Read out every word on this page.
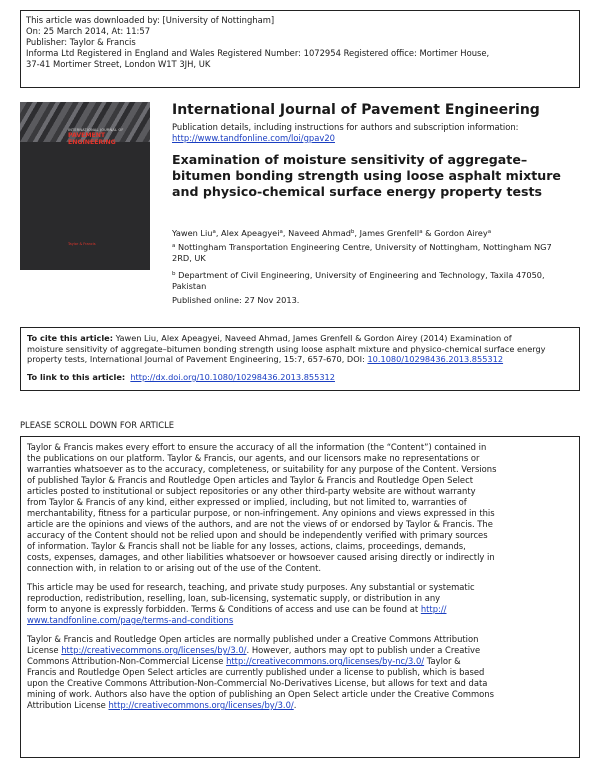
This article was downloaded by: [University of Nottingham]
On: 25 March 2014, At: 11:57
Publisher: Taylor & Francis
Informa Ltd Registered in England and Wales Registered Number: 1072954 Registered office: Mortimer House,
37-41 Mortimer Street, London W1T 3JH, UK
INTERNATIONAL JOURNAL OF
PAVEMENT
ENGINEERING
Taylor & Francis
International Journal of Pavement Engineering
Publication details, including instructions for authors and subscription information:
http://www.tandfonline.com/loi/gpav20
Examination of moisture sensitivity of aggregate–bitumen bonding strength using loose asphalt mixture and physico-chemical surface energy property tests
Yawen Liu$^a$, Alex Apeagyei$^a$, Naveed Ahmad$^b$, James Grenfell$^a$ & Gordon Airey$^a$
$^a$ Nottingham Transportation Engineering Centre, University of Nottingham, Nottingham NG7
2RD, UK
$^b$ Department of Civil Engineering, University of Engineering and Technology, Taxila 47050,
Pakistan
Published online: 27 Nov 2013.
To cite this article: Yawen Liu, Alex Apeagyei, Naveed Ahmad, James Grenfell & Gordon Airey (2014) Examination of
moisture sensitivity of aggregate–bitumen bonding strength using loose asphalt mixture and physico-chemical surface energy
property tests, International Journal of Pavement Engineering, 15:7, 657-670, DOI: 10.1080/10298436.2013.855312
To link to this article: http://dx.doi.org/10.1080/10298436.2013.855312
PLEASE SCROLL DOWN FOR ARTICLE
Taylor & Francis makes every effort to ensure the accuracy of all the information (the “Content”) contained in
the publications on our platform. Taylor & Francis, our agents, and our licensors make no representations or
warranties whatsoever as to the accuracy, completeness, or suitability for any purpose of the Content. Versions
of published Taylor & Francis and Routledge Open articles and Taylor & Francis and Routledge Open Select
articles posted to institutional or subject repositories or any other third-party website are without warranty
from Taylor & Francis of any kind, either expressed or implied, including, but not limited to, warranties of
merchantability, fitness for a particular purpose, or non-infringement. Any opinions and views expressed in this
article are the opinions and views of the authors, and are not the views of or endorsed by Taylor & Francis. The
accuracy of the Content should not be relied upon and should be independently verified with primary sources
of information. Taylor & Francis shall not be liable for any losses, actions, claims, proceedings, demands,
costs, expenses, damages, and other liabilities whatsoever or howsoever caused arising directly or indirectly in
connection with, in relation to or arising out of the use of the Content.
This article may be used for research, teaching, and private study purposes. Any substantial or systematic
reproduction, redistribution, reselling, loan, sub-licensing, systematic supply, or distribution in any
form to anyone is expressly forbidden. Terms & Conditions of access and use can be found at http://
www.tandfonline.com/page/terms-and-conditions
Taylor & Francis and Routledge Open articles are normally published under a Creative Commons Attribution
License http://creativecommons.org/licenses/by/3.0/. However, authors may opt to publish under a Creative
Commons Attribution-Non-Commercial License http://creativecommons.org/licenses/by-nc/3.0/ Taylor &
Francis and Routledge Open Select articles are currently published under a license to publish, which is based
upon the Creative Commons Attribution-Non-Commercial No-Derivatives License, but allows for text and data
mining of work. Authors also have the option of publishing an Open Select article under the Creative Commons
Attribution License http://creativecommons.org/licenses/by/3.0/.
